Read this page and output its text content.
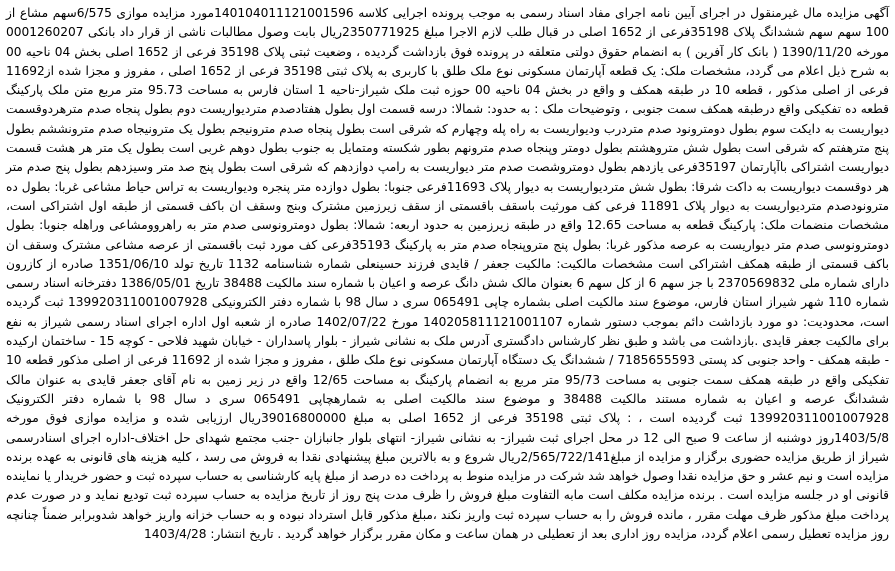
آگهی مزایده مال غیرمنقول در اجرای آیین نامه اجرای مفاد اسناد رسمی به موجب پرونده اجرایی کلاسه 140104011121001596مورد مزایده موازی 6/575سهم مشاع از 100 سهم سهم ششدانگ پلاک 35198فرعی از 1652 اصلی در قبال طلب لازم الاجرا مبلغ 2350771925ریال بابت وصول مطالبات ناشی از قرار داد بانکی 0001260207 مورخه 1390/11/20 ( بانک کار آفرین ) به انضمام حقوق دولتی متعلقه در پرونده فوق بازداشت گردیده ، وضعیت ثبتی پلاک 35198 فرعی از 1652 اصلی بخش 04 ناحیه 00 به شرح ذیل اعلام می گردد، مشخصات ملک: یک قطعه آپارتمان مسکونی نوع ملک طلق با کاربری به پلاک ثبتی 35198 فرعی از 1652 اصلی ، مفروز و مجزا شده از11692 فرعی از اصلی مذکور ، قطعه 10 در طبقه همکف و واقع در بخش 04 ناحیه 00 حوزه ثبت ملک شیراز-ناحیه 1 استان فارس به مساحت 95.73 متر مربع متن ملک پارکینگ قطعه ده تفکیکی واقع درطبقه همکف سمت جنوبی ، وتوضیحات ملک : به حدود: شمالا: درسه قسمت اول بطول هفتادصدم متردیواریست دوم بطول پنجاه صدم مترهردوقسمت دیواریست به دایکت سوم بطول دومترونود صدم متردرب ودیواریست به راه پله وچهارم که شرقی است بطول پنجاه صدم مترونیجم بطول یک مترونیجاه صدم مترونششم بطول پنج مترهفتم که شرقی است بطول شش متروهشتم بطول دومتر وپنجاه صدم مترونهم بطور شکسته ومتمایل به جنوب بطول دوهم غربی است بطول یک متر هر هشت قسمت دیواریست اشتراکی باآپارتمان 35197فرعی یازدهم بطول دومتروشصت صدم متر دیواریست به رامپ دوازدهم که شرقی است بطول پنج صد متر وسیزدهم بطول پنج صدم متر هر دوقسمت دیواریست به داکت شرقا: بطول شش متردیواریست به دیوار پلاک 11693فرعی جنوبا: بطول دوازده متر پنجره ودیواریست به تراس حیاط مشاعی غربا: بطول ده مترونودصدم متردیواریست به دیوار پلاک 11891 فرعی کف مورثیت باسقف باقسمتی از سقف زیرزمین مشترک وبنج وسقف ان باکف قسمتی از طبقه اول اشتراکی است، مشخصات منضمات ملک: پارکینگ قطعه به مساحت 12.65 واقع در طبقه زیرزمین به حدود اربعه: شمالا: بطول دومترونوسی صدم متر به راهروومشاعی وراهله جنوبا: بطول دومترونوسی صدم متر دیواریست به عرصه مذکور غربا: بطول پنج متروپنجاه صدم متر به پارکینگ 35193فرعی کف مورد ثبت باقسمتی از عرصه مشاعی مشترک وسقف ان باکف قسمتی از طبقه همکف اشتراکی است مشخصات مالکیت: مالکیت جعفر / قایدی فرزند حسینعلی شماره شناسنامه 1132 تاریخ تولد 1351/06/10 صادره از کازرون دارای شماره ملی 2370569832 با جز سهم 6 از کل سهم 6 بعنوان مالک شش دانگ عرصه و اعیان با شماره سند مالکیت 38488 تاریخ 1386/05/01 دفترخانه اسناد رسمی شماره 110 شهر شیراز استان فارس، موضوع سند مالکیت اصلی بشماره چاپی 065491 سری د سال 98 با شماره دفتر الکترونیکی 139920311001007928 ثبت گردیده است، محدودیت: دو مورد بازداشت دائم بموجب دستور شماره 140205811121001107 مورخ 1402/07/22 صادره از شعبه اول اداره اجرای اسناد رسمی شیراز به نفع برای مالکیت جعفر قایدی .بازداشت می باشد و طبق نظر کارشناس دادگستری آدرس ملک به نشانی شیراز - بلوار پاسداران - خیابان شهید فلاحی - کوچه 15 - ساختمان ارکیده - طبقه همکف - واحد جنوبی کد پستی 7185655593 / ششدانگ یک دستگاه آپارتمان مسکونی نوع ملک طلق ، مفروز و مجزا شده از 11692 فرعی از اصلی مذکور قطعه 10 تفکیکی واقع در طبقه همکف سمت جنوبی به مساحت 95/73 متر مربع به انضمام پارکینگ به مساحت 12/65 واقع در زیر زمین به نام آقای جعفر قایدی به عنوان مالک ششدانگ عرصه و اعیان به شماره مستند مالکیت 38488 و موضوع سند مالکیت اصلی به شمارهچاپی 065491 سری د سال 98 با شماره دفتر الکترونیک 139920311001007928 ثبت گردیده است ، : پلاک ثبتی 35198 فرعی از 1652 اصلی به مبلغ 39016800000ریال ارزیابی شده و مزایده موازی فوق مورخه 1403/5/8روز دوشنبه از ساعت 9 صبح الی 12 در محل اجرای ثبت شیراز- به نشانی شیراز- انتهای بلوار جانبازان -جنب مجتمع شهدای حل اختلاف-اداره اجرای اسنادرسمی شیراز از طریق مزایده حضوری برگزار و مزایده از مبلغ2/565/722/141ریال شروع و به بالاترین مبلغ پیشنهادی نقدا به فروش می رسد ، کلیه هزینه های قانونی به عهده برنده مزایده است و نیم عشر و حق مزایده نقدا وصول خواهد شد شرکت در مزایده منوط به پرداخت ده درصد از مبلغ پایه کارشناسی به حساب سپرده ثبت و حضور خریدار یا نماینده قانونی او در جلسه مزایده است . برنده مزایده مکلف است مابه التفاوت مبلغ فروش را ظرف مدت پنج روز از تاریخ مزایده به حساب سپرده ثبت تودیع نماید و در صورت عدم پرداخت مبلغ مذکور ظرف مهلت مقرر ، مانده فروش را به حساب سپرده ثبت واریز نکند ،مبلغ مذکور قابل استرداد نبوده و به حساب خزانه واریز خواهد شدوبرابر ضمناً چنانچه روز مزایده تعطیل رسمی اعلام گردد، مزایده روز اداری بعد از تعطیلی در همان ساعت و مکان مقرر برگزار خواهد گردید . تاریخ انتشار: 1403/4/28
